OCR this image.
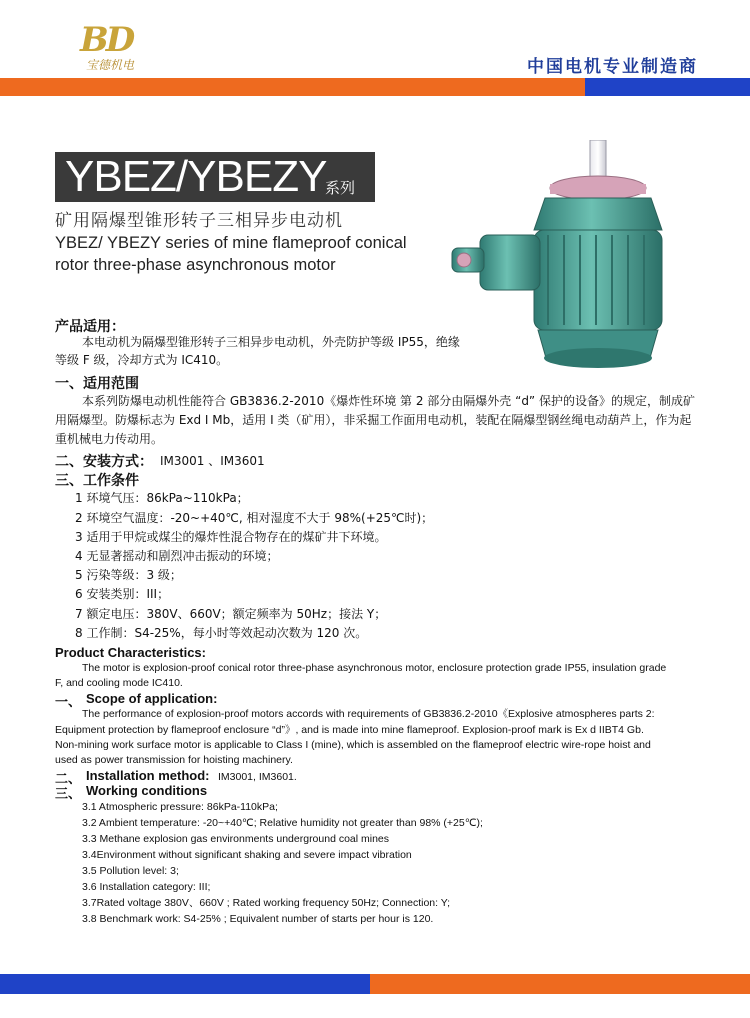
BD
宝德机电	中国电机专业制造商
YBEZ/YBEZY
系列
矿用隔爆型锥形转子三相异步电动机
YBEZ/ YBEZY series of mine flameproof conical
rotor three-phase asynchronous motor
产品适用：
本电动机为隔爆型锥形转子三相异步电动机，外壳防护等级 IP55，绝缘
等级 F 级，冷却方式为 IC410。
一、适用范围
本系列防爆电动机性能符合 GB3836.2-2010《爆炸性环境 第 2 部分由隔爆外壳 “d” 保护的设备》的规定，制成矿
用隔爆型。防爆标志为 Exd I Mb，适用 I 类（矿用），非采掘工作面用电动机，装配在隔爆型钢丝绳电动葫芦上，作为起
重机械电力传动用。
二、安装方式： IM3001 、IM3601
三、工作条件
1 环境气压：86kPa~110kPa；
2 环境空气温度：-20~+40℃, 相对湿度不大于 98%(+25℃时)；
3 适用于甲烷或煤尘的爆炸性混合物存在的煤矿井下环境。
4 无显著摇动和剧烈冲击振动的环境；
5 污染等级：3 级；
6 安装类别：III；
7 额定电压：380V、660V；额定频率为 50Hz；接法 Y；
8 工作制：S4-25%，每小时等效起动次数为 120 次。
Product Characteristics:
The motor is explosion-proof conical rotor three-phase asynchronous motor, enclosure protection grade IP55, insulation grade
F, and cooling mode IC410.
一、 Scope of application:
The performance of explosion-proof motors accords with requirements of GB3836.2-2010《Explosive atmospheres parts 2:
Equipment protection by flameproof enclosure “d”》, and is made into mine flameproof. Explosion-proof mark is Ex d IIBT4 Gb.
Non-mining work surface motor is applicable to Class I (mine), which is assembled on the flameproof electric wire-rope hoist and
used as power transmission for hoisting machinery.
二、 Installation method: IM3001, IM3601.
三、 Working conditions
3.1 Atmospheric pressure: 86kPa-110kPa;
3.2 Ambient temperature: -20~+40℃; Relative humidity not greater than 98% (+25℃);
3.3 Methane explosion gas environments underground coal mines
3.4Environment without significant shaking and severe impact vibration
3.5 Pollution level: 3;
3.6 Installation category: III;
3.7Rated voltage 380V、660V ; Rated working frequency 50Hz; Connection: Y;
3.8 Benchmark work: S4-25% ; Equivalent number of starts per hour is 120.
